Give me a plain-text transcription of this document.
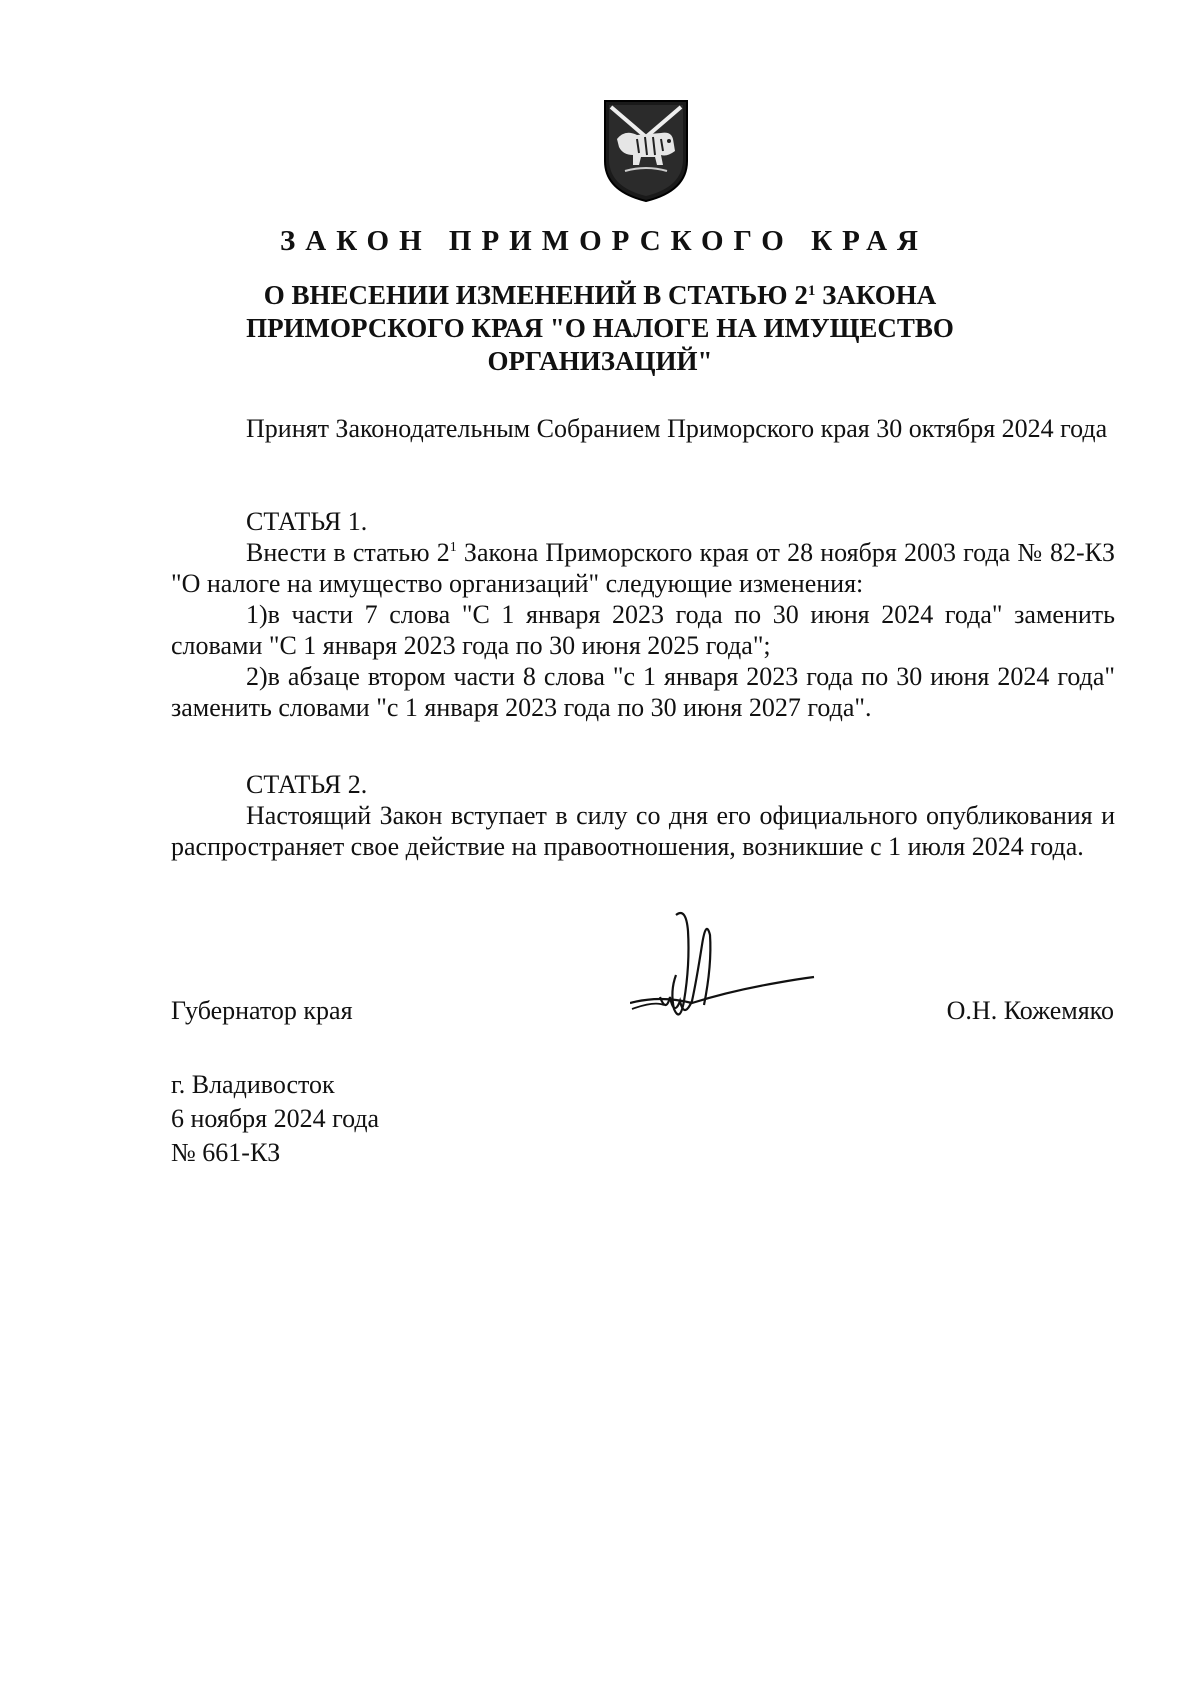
ЗАКОН ПРИМОРСКОГО КРАЯ
О ВНЕСЕНИИ ИЗМЕНЕНИЙ В СТАТЬЮ $2^1$ ЗАКОНА
ПРИМОРСКОГО КРАЯ "О НАЛОГЕ НА ИМУЩЕСТВО
ОРГАНИЗАЦИЙ"

Принят Законодательным Собранием Приморского края 30 октября 2024 года

СТАТЬЯ 1.

Внести в статью $2^1$ Закона Приморского края от 28 ноября 2003 года № 82-КЗ "О налоге на имущество организаций" следующие изменения:

1)в части 7 слова "С 1 января 2023 года по 30 июня 2024 года" заменить словами "С 1 января 2023 года по 30 июня 2025 года";

2)в абзаце втором части 8 слова "с 1 января 2023 года по 30 июня 2024 года" заменить словами "с 1 января 2023 года по 30 июня 2027 года".

СТАТЬЯ 2.

Настоящий Закон вступает в силу со дня его официального опубликования и распространяет свое действие на правоотношения, возникшие с 1 июля 2024 года.

Губернатор края	О.Н. Кожемяко
г. Владивосток
6 ноября 2024 года
№ 661-КЗ
